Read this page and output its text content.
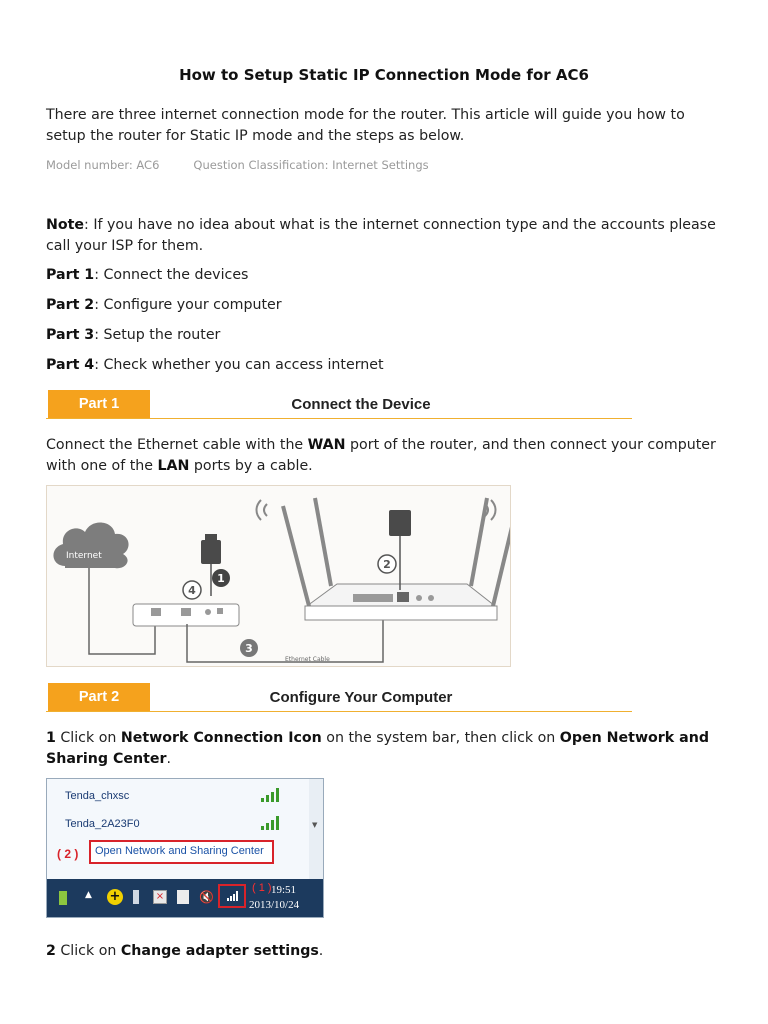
How to Setup Static IP Connection Mode for AC6
There are three internet connection mode for the router. This article will guide you how to setup the router for Static IP mode and the steps as below.
Model number: AC6	Question Classification: Internet Settings
Note: If you have no idea about what is the internet connection type and the accounts please call your ISP for them.
Part 1: Connect the devices
Part 2: Configure your computer
Part 3: Setup the router
Part 4: Check whether you can access internet
Part 1	Connect the Device
Connect the Ethernet cable with the WAN port of the router, and then connect your computer with one of the LAN ports by a cable.
Internet
4
1
3
2
Ethernet Cable
Part 2	Configure Your Computer
1 Click on Network Connection Icon on the system bar, then click on Open Network and Sharing Center.
Tenda_chxsc
Tenda_2A23F0
( 2 )	Open Network and Sharing Center
▼
▲ +	×	🔇
( 1 ) 19:51
2013/10/24
2 Click on Change adapter settings.
